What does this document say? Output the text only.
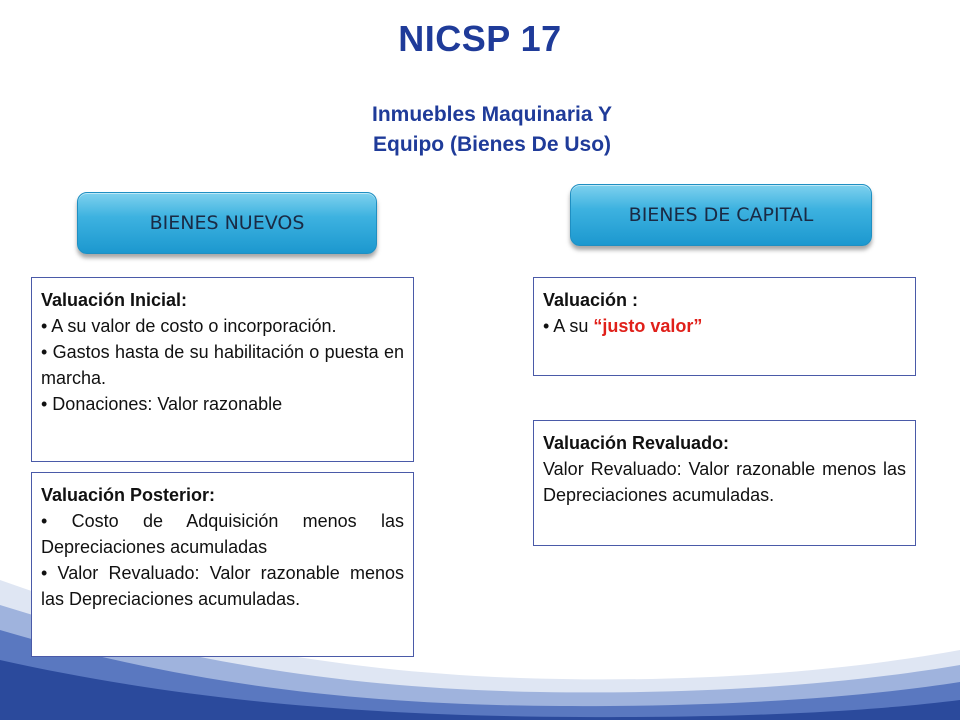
NICSP 17
Inmuebles Maquinaria Y
Equipo (Bienes De Uso)
BIENES NUEVOS	BIENES DE CAPITAL
Valuación Inicial:
• A su valor de costo o incorporación.
• Gastos hasta de su habilitación o puesta en marcha.
• Donaciones: Valor razonable
Valuación Posterior:
• Costo de Adquisición menos las Depreciaciones acumuladas
• Valor Revaluado: Valor razonable menos las Depreciaciones acumuladas.
Valuación :
• A su “justo valor”
Valuación Revaluado:
Valor Revaluado: Valor razonable menos las Depreciaciones acumuladas.
